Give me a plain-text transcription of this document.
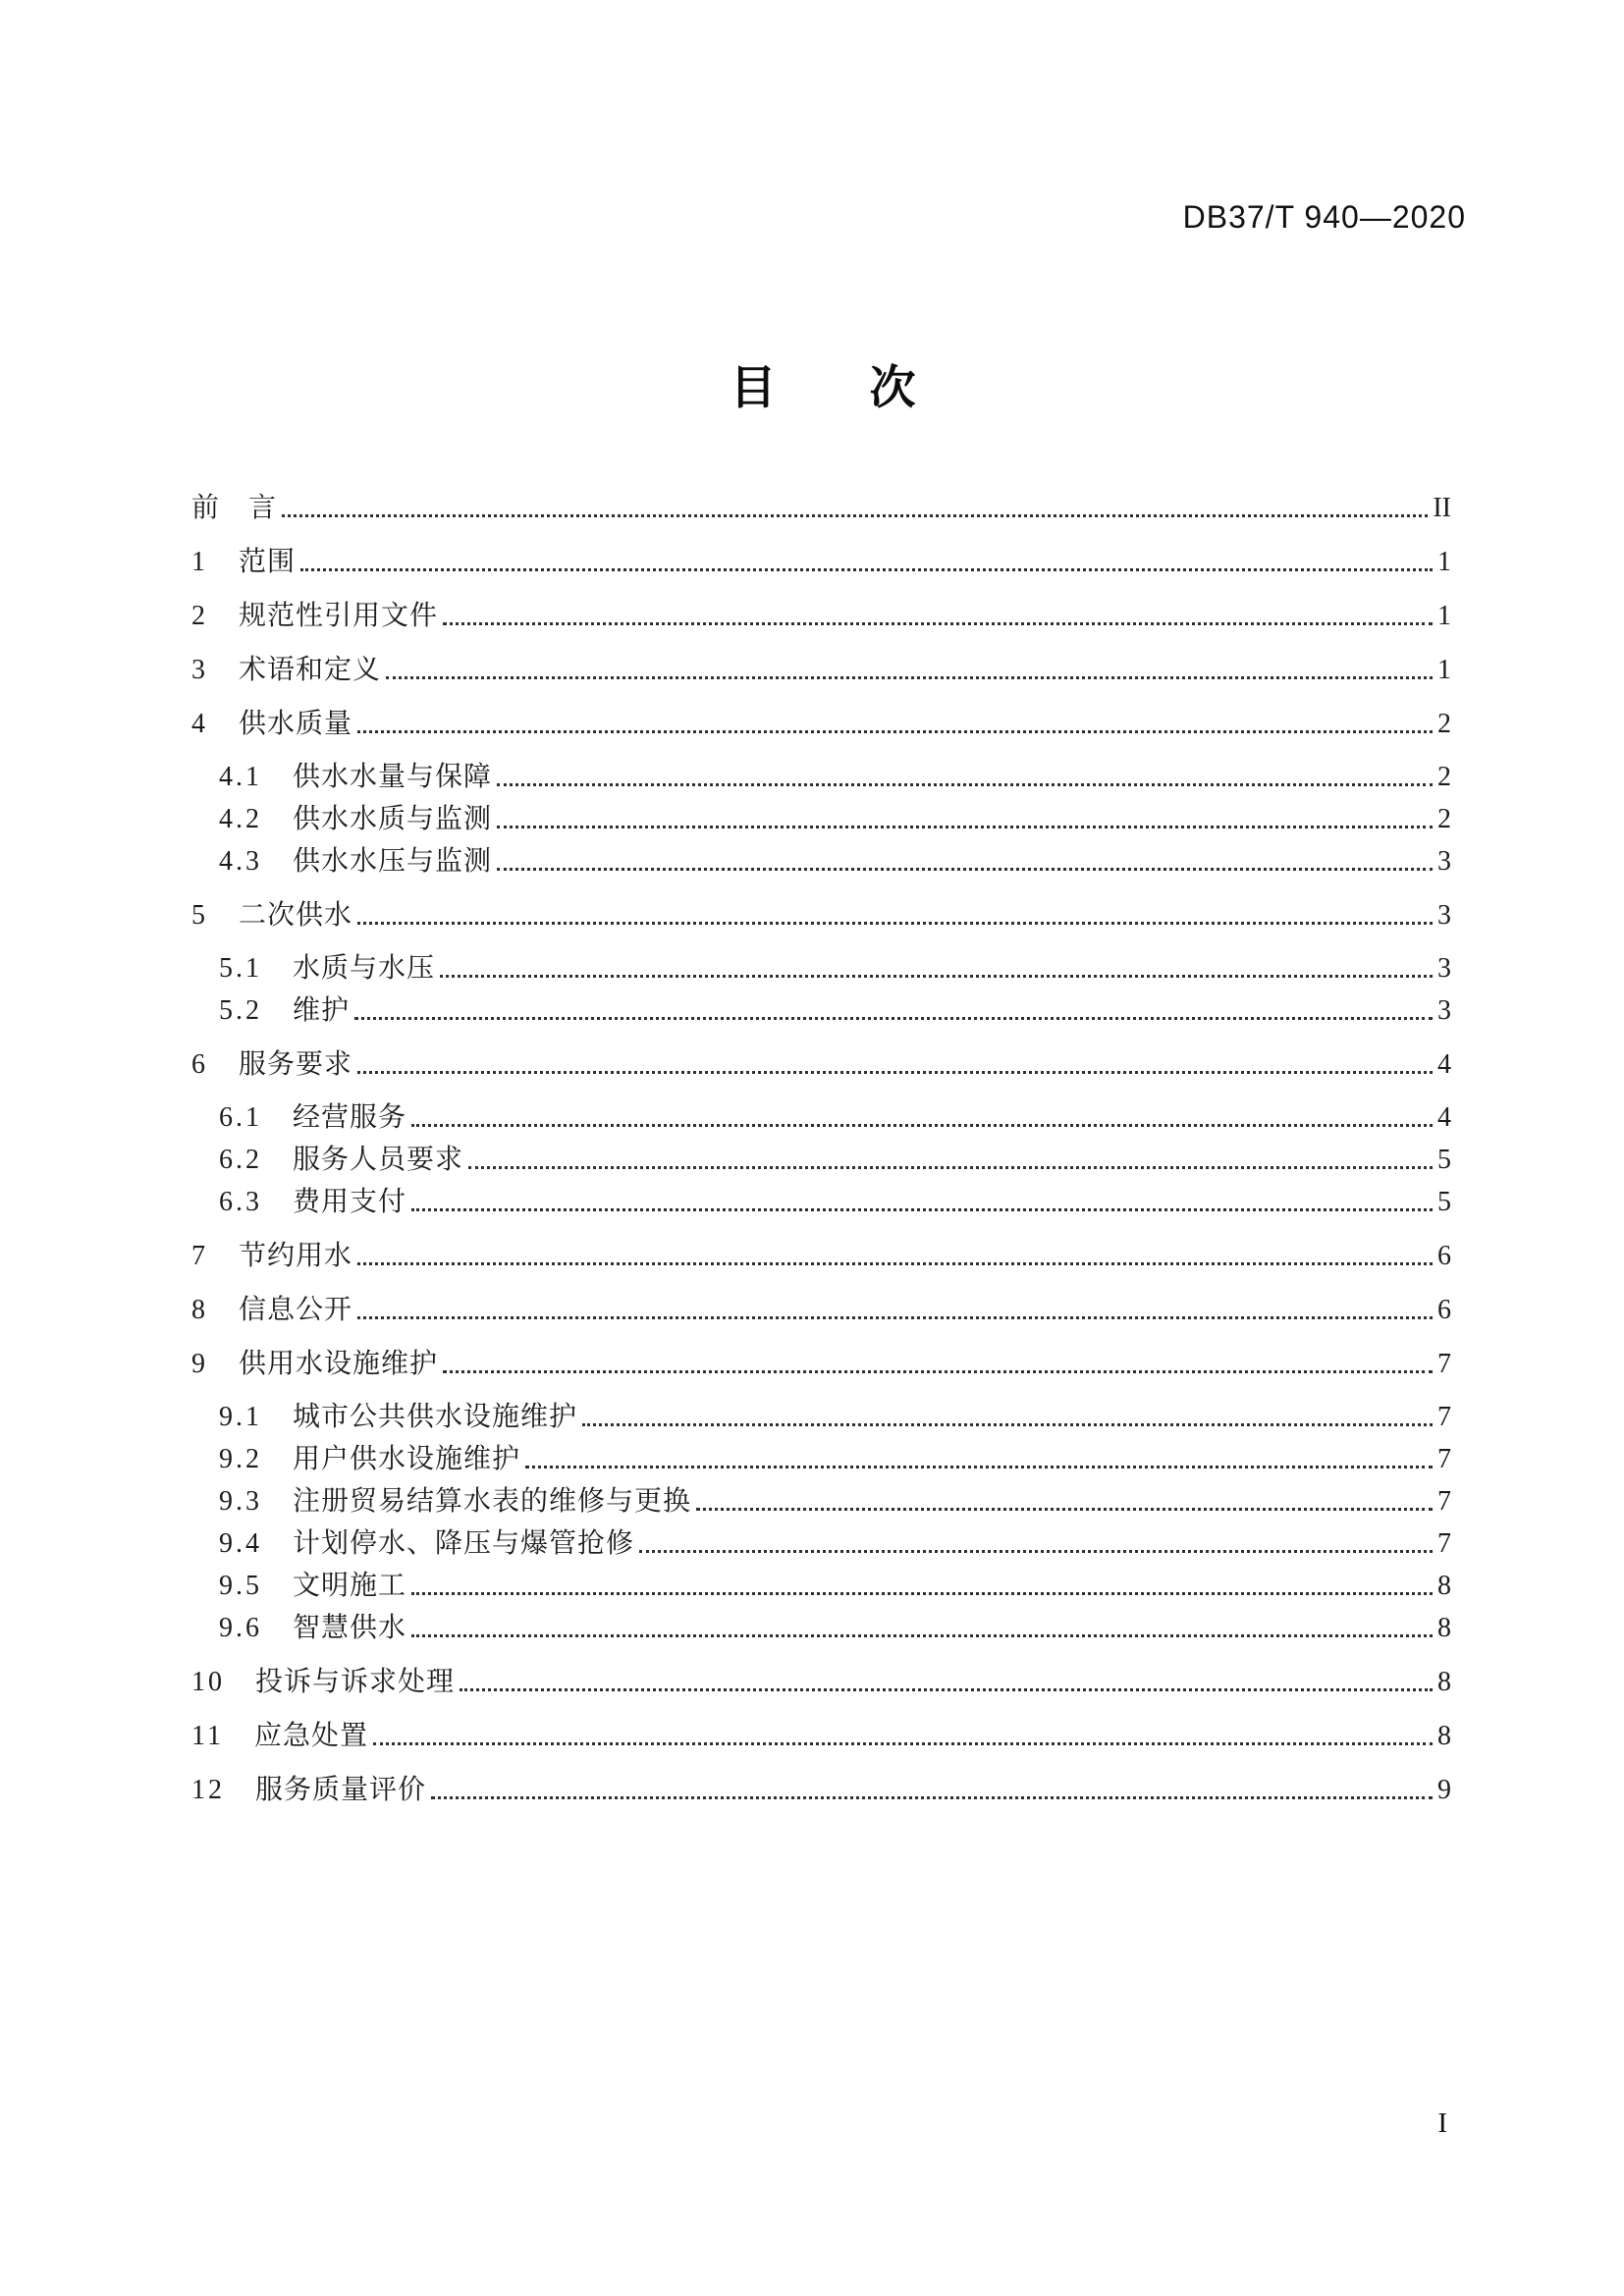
DB37/T 940—2020
目　次
前　言	II
1 范围	1
2 规范性引用文件	1
3 术语和定义	1
4 供水质量	2
4.1 供水水量与保障	2
4.2 供水水质与监测	2
4.3 供水水压与监测	3
5 二次供水	3
5.1 水质与水压	3
5.2 维护	3
6 服务要求	4
6.1 经营服务	4
6.2 服务人员要求	5
6.3 费用支付	5
7 节约用水	6
8 信息公开	6
9 供用水设施维护	7
9.1 城市公共供水设施维护	7
9.2 用户供水设施维护	7
9.3 注册贸易结算水表的维修与更换	7
9.4 计划停水、降压与爆管抢修	7
9.5 文明施工	8
9.6 智慧供水	8
10 投诉与诉求处理	8
11 应急处置	8
12 服务质量评价	9
I
